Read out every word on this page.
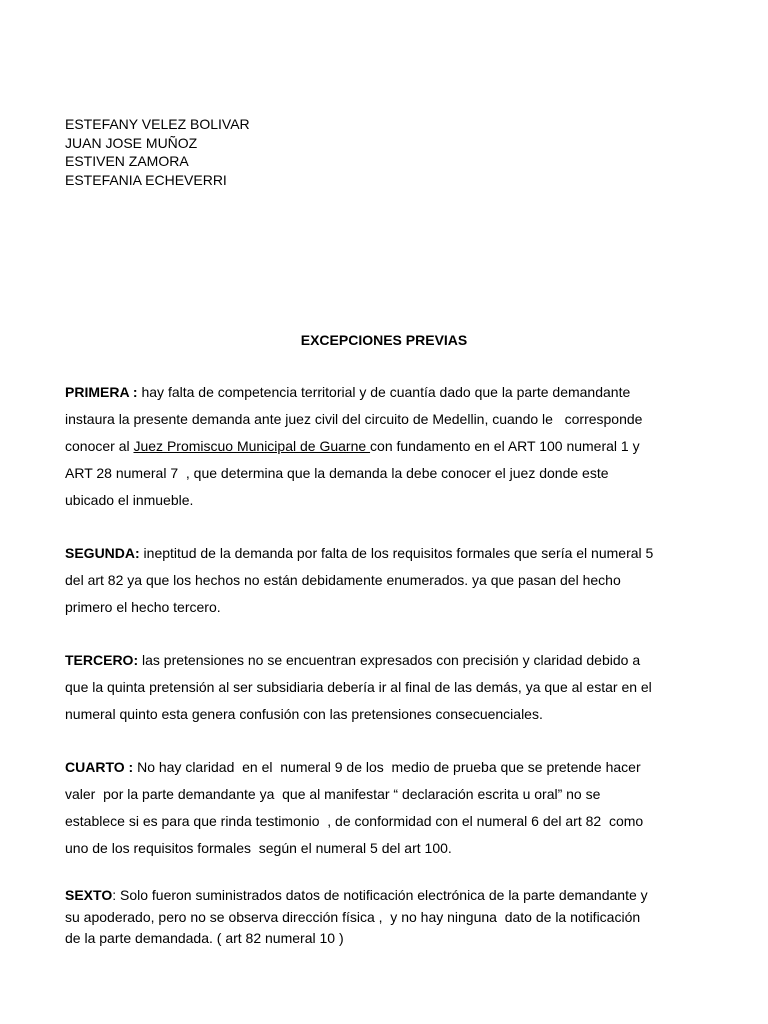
ESTEFANY VELEZ BOLIVAR
JUAN JOSE MUÑOZ
ESTIVEN ZAMORA
ESTEFANIA ECHEVERRI
EXCEPCIONES PREVIAS
PRIMERA : hay falta de competencia territorial y de cuantía dado que la parte demandante
instaura la presente demanda ante juez civil del circuito de Medellin, cuando le   corresponde
conocer al Juez Promiscuo Municipal de Guarne con fundamento en el ART 100 numeral 1 y
ART 28 numeral 7  , que determina que la demanda la debe conocer el juez donde este
ubicado el inmueble.
SEGUNDA: ineptitud de la demanda por falta de los requisitos formales que sería el numeral 5
del art 82 ya que los hechos no están debidamente enumerados. ya que pasan del hecho
primero el hecho tercero.
TERCERO: las pretensiones no se encuentran expresados con precisión y claridad debido a
que la quinta pretensión al ser subsidiaria debería ir al final de las demás, ya que al estar en el
numeral quinto esta genera confusión con las pretensiones consecuenciales.
CUARTO : No hay claridad  en el  numeral 9 de los  medio de prueba que se pretende hacer
valer  por la parte demandante ya  que al manifestar “ declaración escrita u oral” no se
establece si es para que rinda testimonio  , de conformidad con el numeral 6 del art 82  como
uno de los requisitos formales  según el numeral 5 del art 100.
SEXTO: Solo fueron suministrados datos de notificación electrónica de la parte demandante y
su apoderado, pero no se observa dirección física ,  y no hay ninguna  dato de la notificación
de la parte demandada. ( art 82 numeral 10 )
